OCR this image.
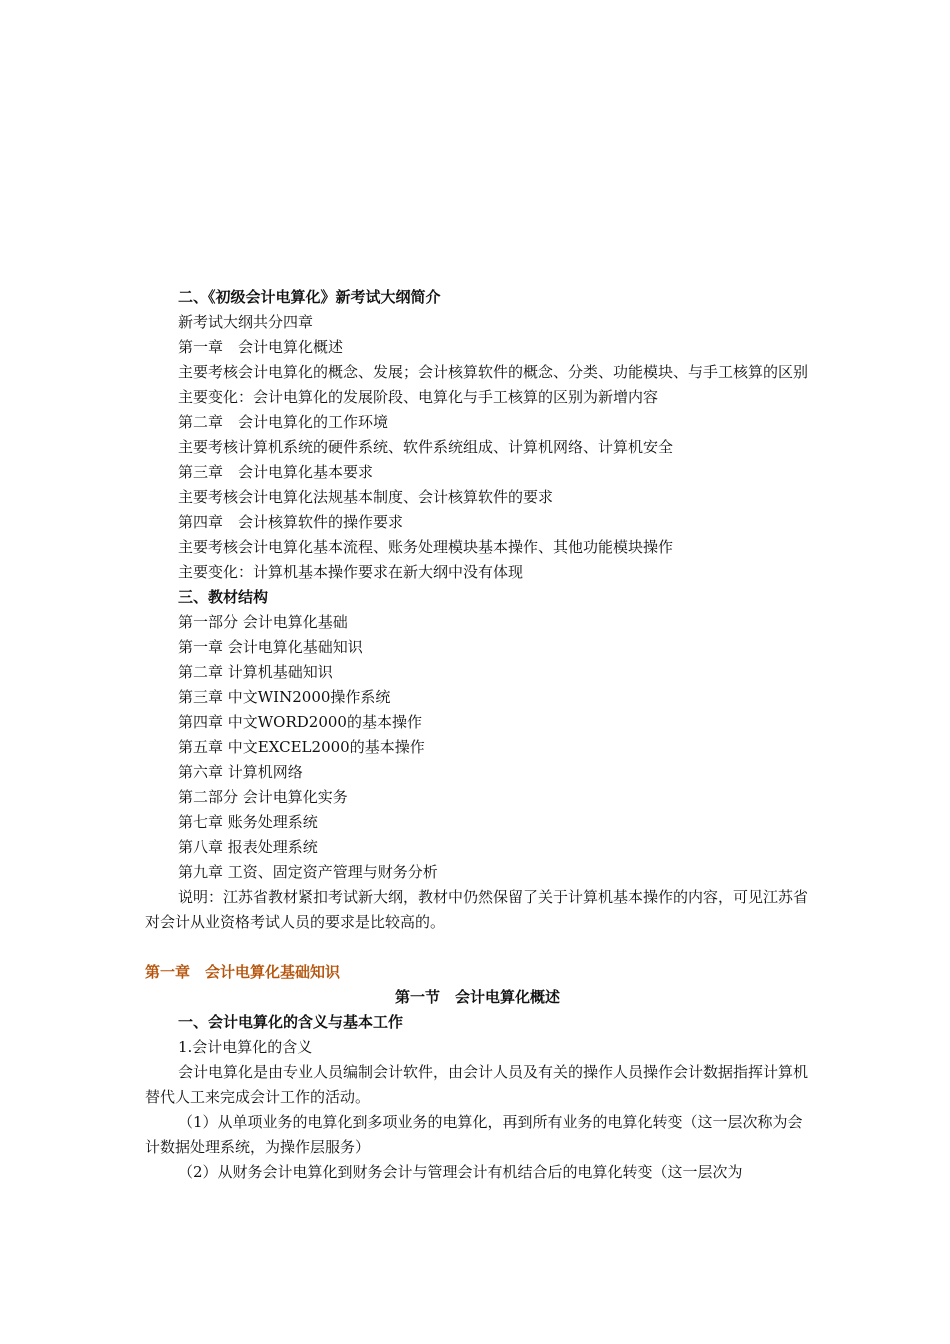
二、《初级会计电算化》新考试大纲简介
新考试大纲共分四章
第一章　会计电算化概述
主要考核会计电算化的概念、发展；会计核算软件的概念、分类、功能模块、与手工核算的区别
主要变化：会计电算化的发展阶段、电算化与手工核算的区别为新增内容
第二章　会计电算化的工作环境
主要考核计算机系统的硬件系统、软件系统组成、计算机网络、计算机安全
第三章　会计电算化基本要求
主要考核会计电算化法规基本制度、会计核算软件的要求
第四章　会计核算软件的操作要求
主要考核会计电算化基本流程、账务处理模块基本操作、其他功能模块操作
主要变化：计算机基本操作要求在新大纲中没有体现
三、教材结构
第一部分 会计电算化基础
第一章 会计电算化基础知识
第二章 计算机基础知识
第三章 中文WIN2000操作系统
第四章 中文WORD2000的基本操作
第五章 中文EXCEL2000的基本操作
第六章 计算机网络
第二部分 会计电算化实务
第七章 账务处理系统
第八章 报表处理系统
第九章 工资、固定资产管理与财务分析
说明：江苏省教材紧扣考试新大纲，教材中仍然保留了关于计算机基本操作的内容，可见江苏省对会计从业资格考试人员的要求是比较高的。
第一章　会计电算化基础知识
第一节　会计电算化概述
一、会计电算化的含义与基本工作
1.会计电算化的含义
会计电算化是由专业人员编制会计软件，由会计人员及有关的操作人员操作会计数据指挥计算机替代人工来完成会计工作的活动。
（1）从单项业务的电算化到多项业务的电算化，再到所有业务的电算化转变（这一层次称为会计数据处理系统，为操作层服务）
（2）从财务会计电算化到财务会计与管理会计有机结合后的电算化转变（这一层次为
